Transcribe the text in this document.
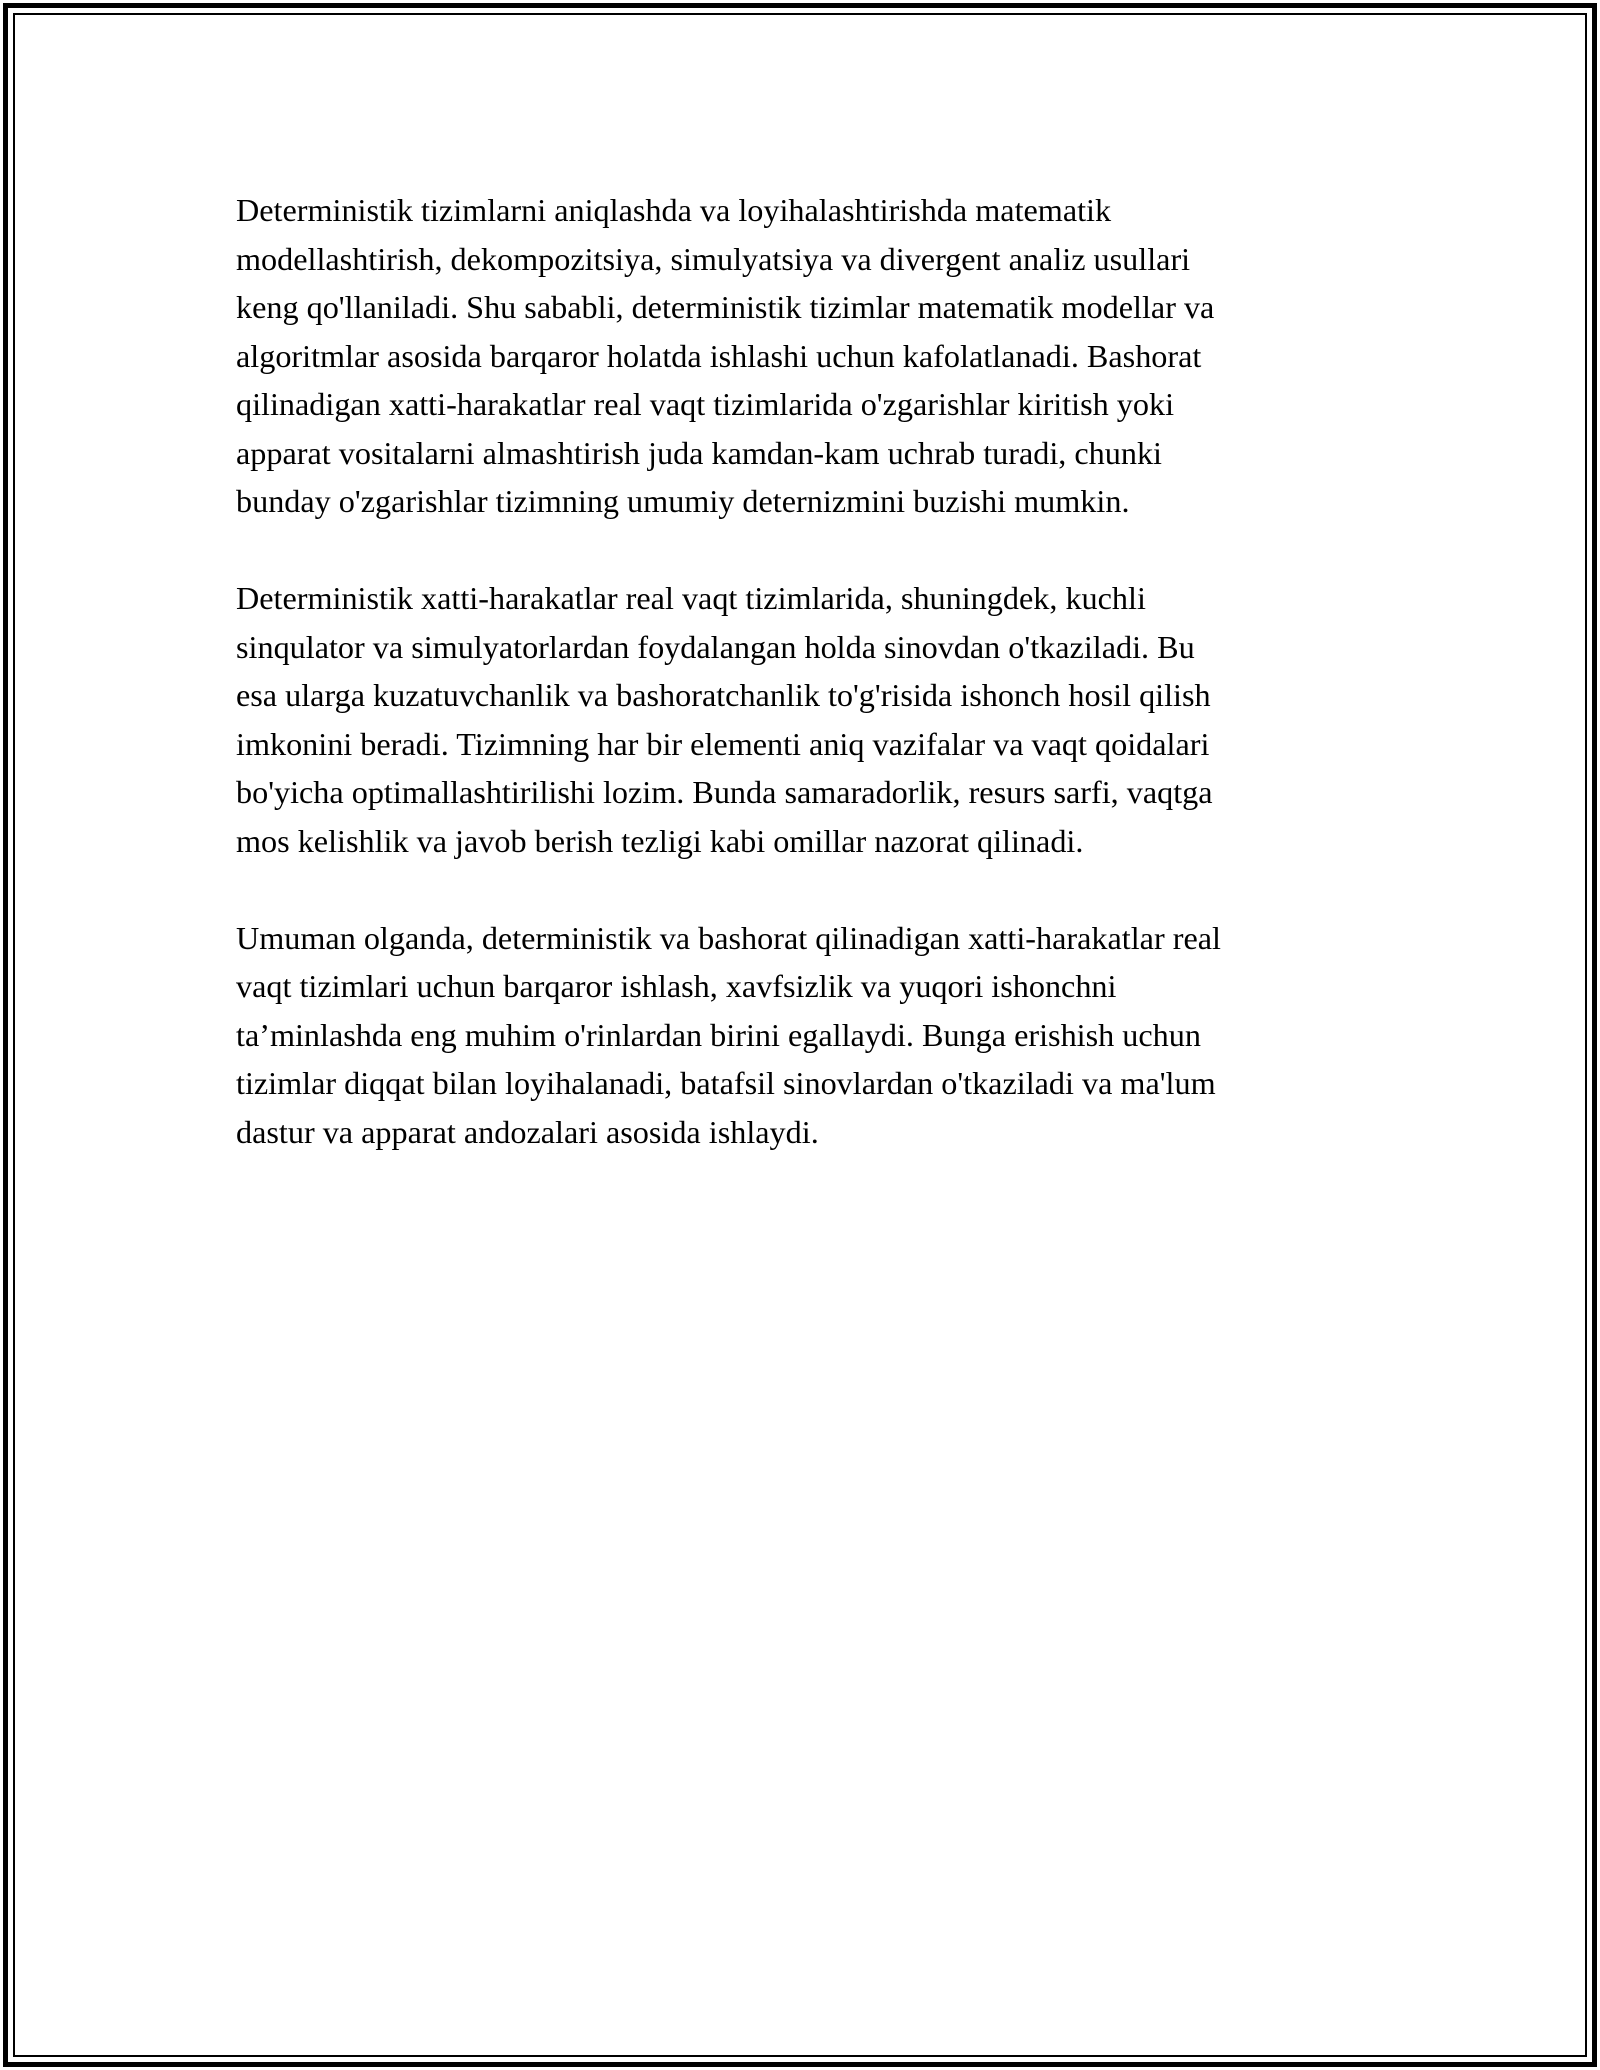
Deterministik tizimlarni aniqlashda va loyihalashtirishda matematik
modellashtirish, dekompozitsiya, simulyatsiya va divergent analiz usullari
keng qo'llaniladi. Shu sababli, deterministik tizimlar matematik modellar va
algoritmlar asosida barqaror holatda ishlashi uchun kafolatlanadi. Bashorat
qilinadigan xatti-harakatlar real vaqt tizimlarida o'zgarishlar kiritish yoki
apparat vositalarni almashtirish juda kamdan-kam uchrab turadi, chunki
bunday o'zgarishlar tizimning umumiy deternizmini buzishi mumkin.

Deterministik xatti-harakatlar real vaqt tizimlarida, shuningdek, kuchli
sinqulator va simulyatorlardan foydalangan holda sinovdan o'tkaziladi. Bu
esa ularga kuzatuvchanlik va bashoratchanlik to'g'risida ishonch hosil qilish
imkonini beradi. Tizimning har bir elementi aniq vazifalar va vaqt qoidalari
bo'yicha optimallashtirilishi lozim. Bunda samaradorlik, resurs sarfi, vaqtga
mos kelishlik va javob berish tezligi kabi omillar nazorat qilinadi.

Umuman olganda, deterministik va bashorat qilinadigan xatti-harakatlar real
vaqt tizimlari uchun barqaror ishlash, xavfsizlik va yuqori ishonchni
ta’minlashda eng muhim o'rinlardan birini egallaydi. Bunga erishish uchun
tizimlar diqqat bilan loyihalanadi, batafsil sinovlardan o'tkaziladi va ma'lum
dastur va apparat andozalari asosida ishlaydi.
